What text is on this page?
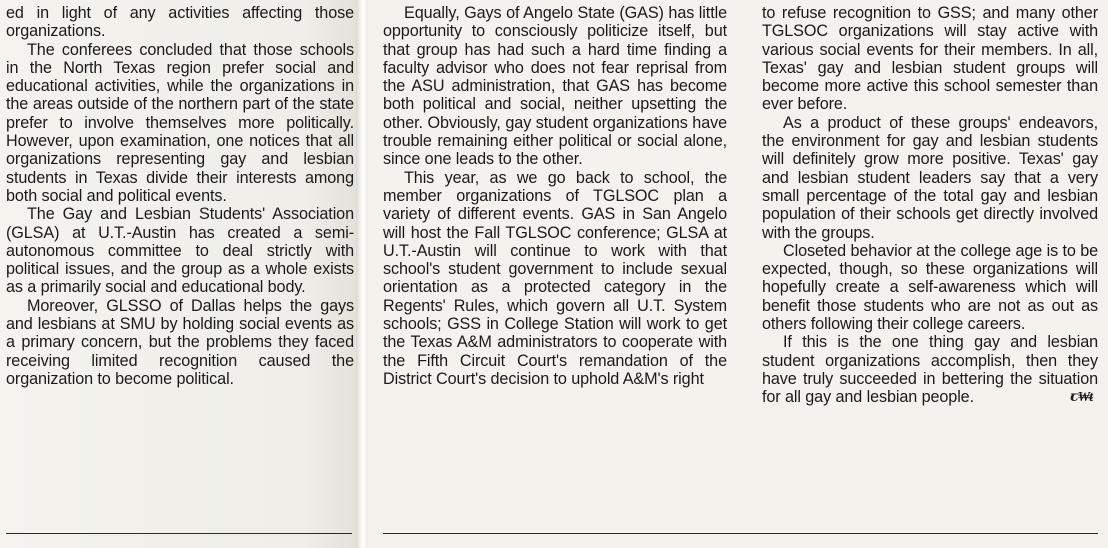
ed in light of any activities affecting those organizations.

The conferees concluded that those schools in the North Texas region prefer social and educational activities, while the organizations in the areas outside of the northern part of the state prefer to involve themselves more politically. However, upon examination, one notices that all organizations representing gay and lesbian students in Texas divide their interests among both social and political events.

The Gay and Lesbian Students' Association (GLSA) at U.T.-Austin has created a semi-autonomous committee to deal strictly with political issues, and the group as a whole exists as a primarily social and educational body.

Moreover, GLSSO of Dallas helps the gays and lesbians at SMU by holding social events as a primary concern, but the problems they faced receiving limited recognition caused the organization to become political.

Equally, Gays of Angelo State (GAS) has little opportunity to consciously politicize itself, but that group has had such a hard time finding a faculty advisor who does not fear reprisal from the ASU administration, that GAS has become both political and social, neither upsetting the other. Obviously, gay student organizations have trouble remaining either political or social alone, since one leads to the other.

This year, as we go back to school, the member organizations of TGLSOC plan a variety of different events. GAS in San Angelo will host the Fall TGLSOC conference; GLSA at U.T.-Austin will continue to work with that school's student government to include sexual orientation as a protected category in the Regents' Rules, which govern all U.T. System schools; GSS in College Station will work to get the Texas A&M administrators to cooperate with the Fifth Circuit Court's remandation of the District Court's decision to uphold A&M's right

to refuse recognition to GSS; and many other TGLSOC organizations will stay active with various social events for their members. In all, Texas' gay and lesbian student groups will become more active this school semester than ever before.

As a product of these groups' endeavors, the environment for gay and lesbian students will definitely grow more positive. Texas' gay and lesbian student leaders say that a very small percentage of the total gay and lesbian population of their schools get directly involved with the groups.

Closeted behavior at the college age is to be expected, though, so these organizations will hopefully create a self-awareness which will benefit those students who are not as out as others following their college careers.

If this is the one thing gay and lesbian student organizations accomplish, then they have truly succeeded in bettering the situation for all gay and lesbian people.	ꞇ₩ᵵ
